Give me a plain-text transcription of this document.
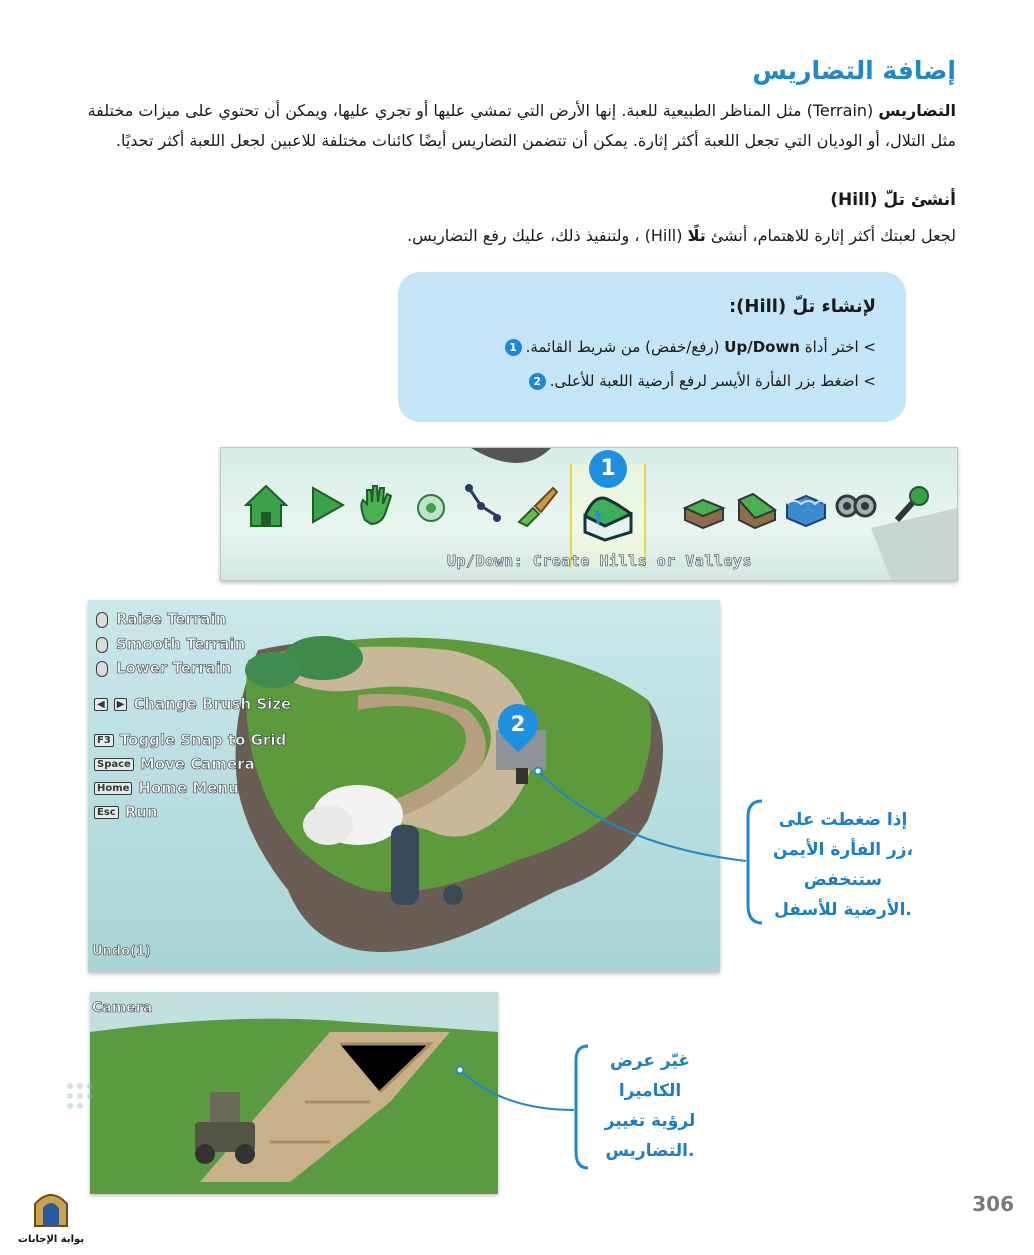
إضافة التضاريس
التضاريس (Terrain) مثل المناظر الطبيعية للعبة. إنها الأرض التي تمشي عليها أو تجري عليها، ويمكن أن تحتوي على ميزات مختلفة مثل التلال، أو الوديان التي تجعل اللعبة أكثر إثارة. يمكن أن تتضمن التضاريس أيضًا كائنات مختلفة للاعبين لجعل اللعبة أكثر تحديًا.
أنشئ تلّ (Hill)
لجعل لعبتك أكثر إثارة للاهتمام، أنشئ تلًا (Hill) ، ولتنفيذ ذلك، عليك رفع التضاريس.
لإنشاء تلّ (Hill):
> اختر أداة Up/Down (رفع/خفض) من شريط القائمة.1
> اضغط بزر الفأرة الأيسر لرفع أرضية اللعبة للأعلى.2
1
Up/Down: Create Hills or Valleys
Raise Terrain
Smooth Terrain
Lower Terrain
◀ ▶ Change Brush Size
F3 Toggle Snap to Grid
Space Move Camera
Home Home Menu
Esc Run
Undo(1)
2
إذا ضغطت على
زر الفأرة الأيمن،
ستنخفض
الأرضية للأسفل.
Camera
غيّر عرض
الكاميرا
لرؤية تغيير
التضاريس.
306
بوابة الإجابات
